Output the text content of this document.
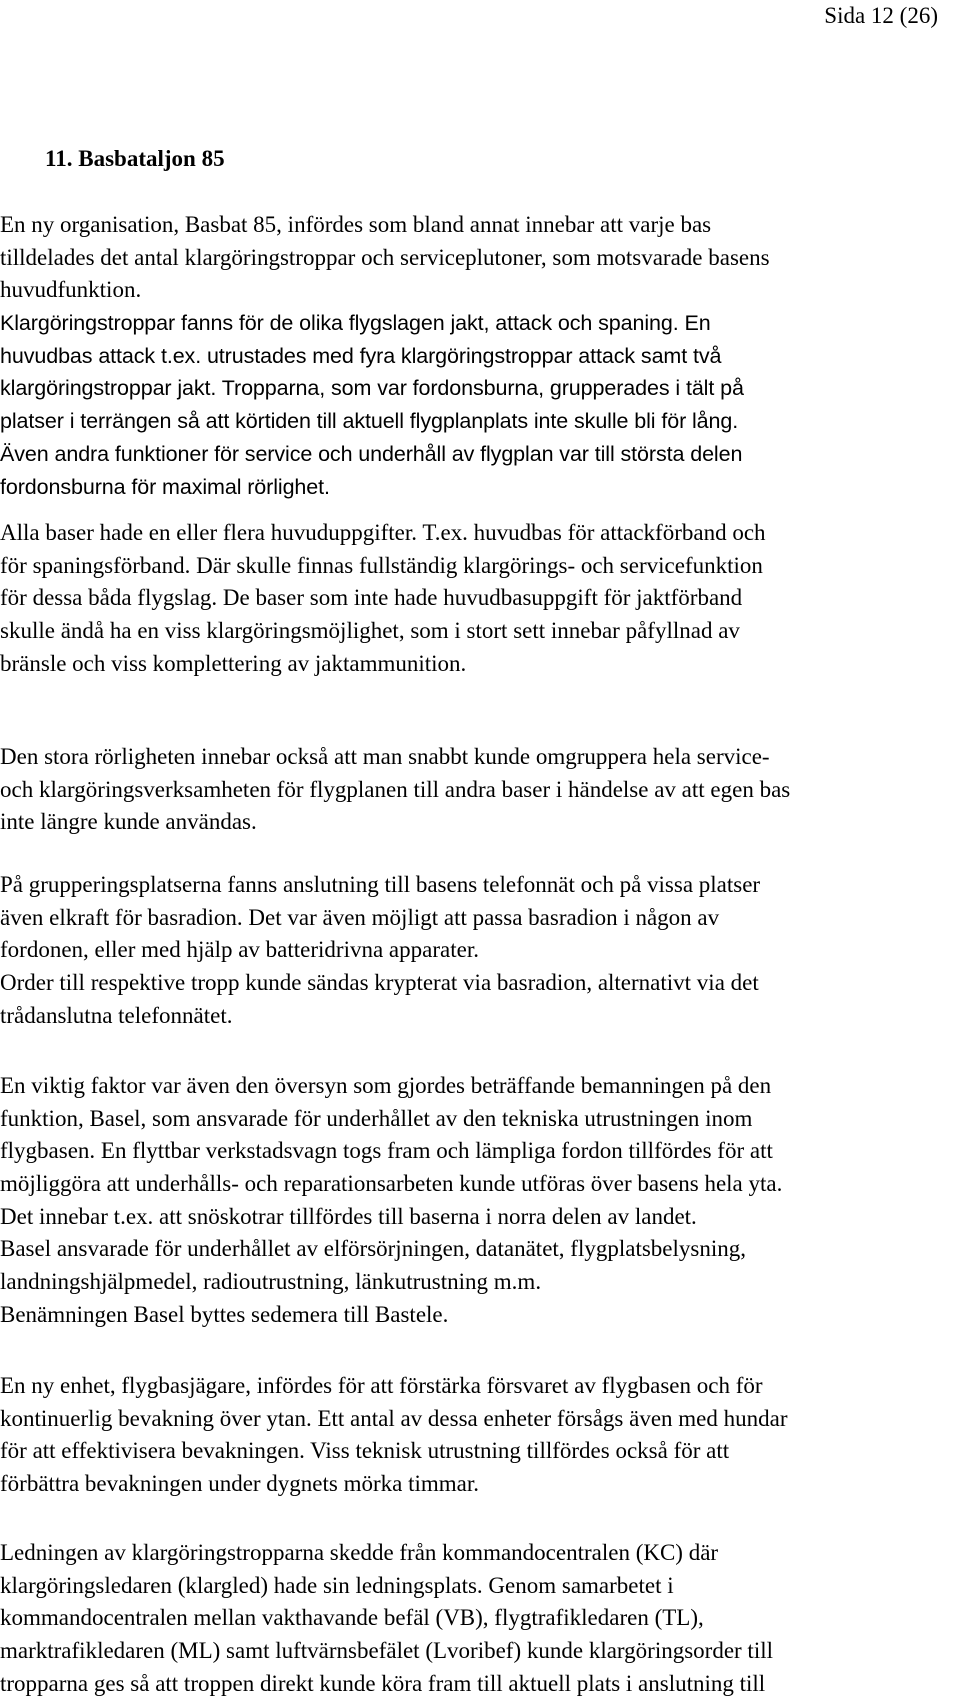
Sida 12 (26)
11. Basbataljon 85

En ny organisation, Basbat 85, infördes som bland annat innebar att varje bas
tilldelades det antal klargöringstroppar och serviceplutoner, som motsvarade basens
huvudfunktion.
Klargöringstroppar fanns för de olika flygslagen jakt, attack och spaning. En
huvudbas attack t.ex. utrustades med fyra klargöringstroppar attack samt två
klargöringstroppar jakt. Tropparna, som var fordonsburna, grupperades i tält på
platser i terrängen så att körtiden till aktuell flygplanplats inte skulle bli för lång.
Även andra funktioner för service och underhåll av flygplan var till största delen
fordonsburna för maximal rörlighet.

Alla baser hade en eller flera huvuduppgifter. T.ex. huvudbas för attackförband och
för spaningsförband. Där skulle finnas fullständig klargörings- och servicefunktion
för dessa båda flygslag. De baser som inte hade huvudbasuppgift för jaktförband
skulle ändå ha en viss klargöringsmöjlighet, som i stort sett innebar påfyllnad av
bränsle och viss komplettering av jaktammunition.

Den stora rörligheten innebar också att man snabbt kunde omgruppera hela service-
och klargöringsverksamheten för flygplanen till andra baser i händelse av att egen bas
inte längre kunde användas.

På grupperingsplatserna fanns anslutning till basens telefonnät och på vissa platser
även elkraft för basradion. Det var även möjligt att passa basradion i någon av
fordonen, eller med hjälp av batteridrivna apparater.
Order till respektive tropp kunde sändas krypterat via basradion, alternativt via det
trådanslutna telefonnätet.

En viktig faktor var även den översyn som gjordes beträffande bemanningen på den
funktion, Basel, som ansvarade för underhållet av den tekniska utrustningen inom
flygbasen. En flyttbar verkstadsvagn togs fram och lämpliga fordon tillfördes för att
möjliggöra att underhålls- och reparationsarbeten kunde utföras över basens hela yta.
Det innebar t.ex. att snöskotrar tillfördes till baserna i norra delen av landet.
Basel ansvarade för underhållet av elförsörjningen, datanätet, flygplatsbelysning,
landningshjälpmedel, radioutrustning, länkutrustning m.m.
Benämningen Basel byttes sedemera till Bastele.

En ny enhet, flygbasjägare, infördes för att förstärka försvaret av flygbasen och för
kontinuerlig bevakning över ytan. Ett antal av dessa enheter försågs även med hundar
för att effektivisera bevakningen. Viss teknisk utrustning tillfördes också för att
förbättra bevakningen under dygnets mörka timmar.

Ledningen av klargöringstropparna skedde från kommandocentralen (KC) där
klargöringsledaren (klargled) hade sin ledningsplats. Genom samarbetet i
kommandocentralen mellan vakthavande befäl (VB), flygtrafikledaren (TL),
marktrafikledaren (ML) samt luftvärnsbefälet (Lvoribef) kunde klargöringsorder till
tropparna ges så att troppen direkt kunde köra fram till aktuell plats i anslutning till
